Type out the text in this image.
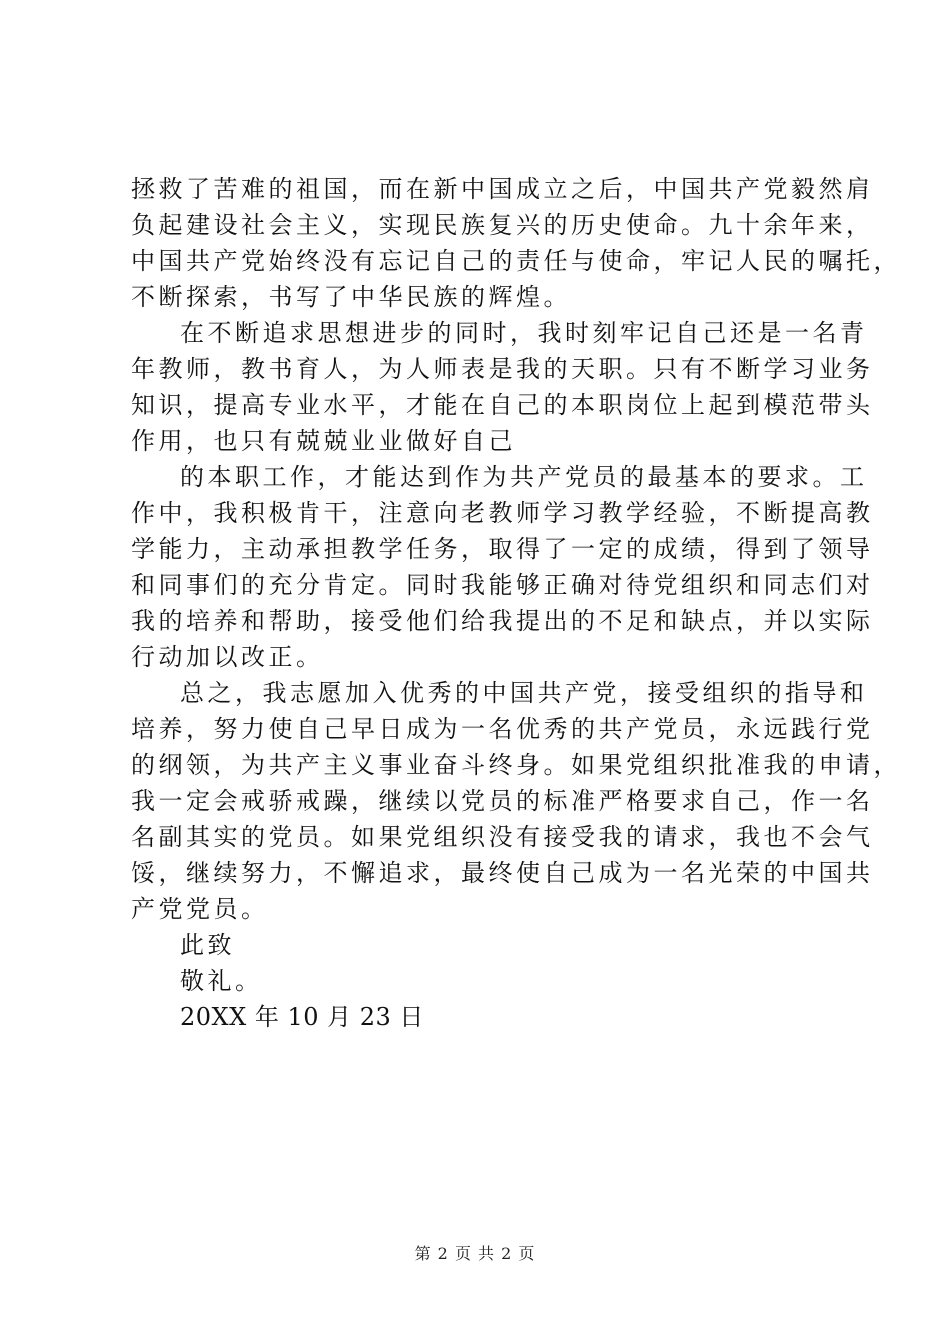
拯救了苦难的祖国，而在新中国成立之后，中国共产党毅然肩
负起建设社会主义，实现民族复兴的历史使命。九十余年来，
中国共产党始终没有忘记自己的责任与使命，牢记人民的嘱托，
不断探索，书写了中华民族的辉煌。
在不断追求思想进步的同时，我时刻牢记自己还是一名青
年教师，教书育人，为人师表是我的天职。只有不断学习业务
知识，提高专业水平，才能在自己的本职岗位上起到模范带头
作用，也只有兢兢业业做好自己
的本职工作，才能达到作为共产党员的最基本的要求。工
作中，我积极肯干，注意向老教师学习教学经验，不断提高教
学能力，主动承担教学任务，取得了一定的成绩，得到了领导
和同事们的充分肯定。同时我能够正确对待党组织和同志们对
我的培养和帮助，接受他们给我提出的不足和缺点，并以实际
行动加以改正。
总之，我志愿加入优秀的中国共产党，接受组织的指导和
培养，努力使自己早日成为一名优秀的共产党员，永远践行党
的纲领，为共产主义事业奋斗终身。如果党组织批准我的申请，
我一定会戒骄戒躁，继续以党员的标准严格要求自己，作一名
名副其实的党员。如果党组织没有接受我的请求，我也不会气
馁，继续努力，不懈追求，最终使自己成为一名光荣的中国共
产党党员。
此致
敬礼。
20XX 年 10 月 23 日
第 2 页 共 2 页
